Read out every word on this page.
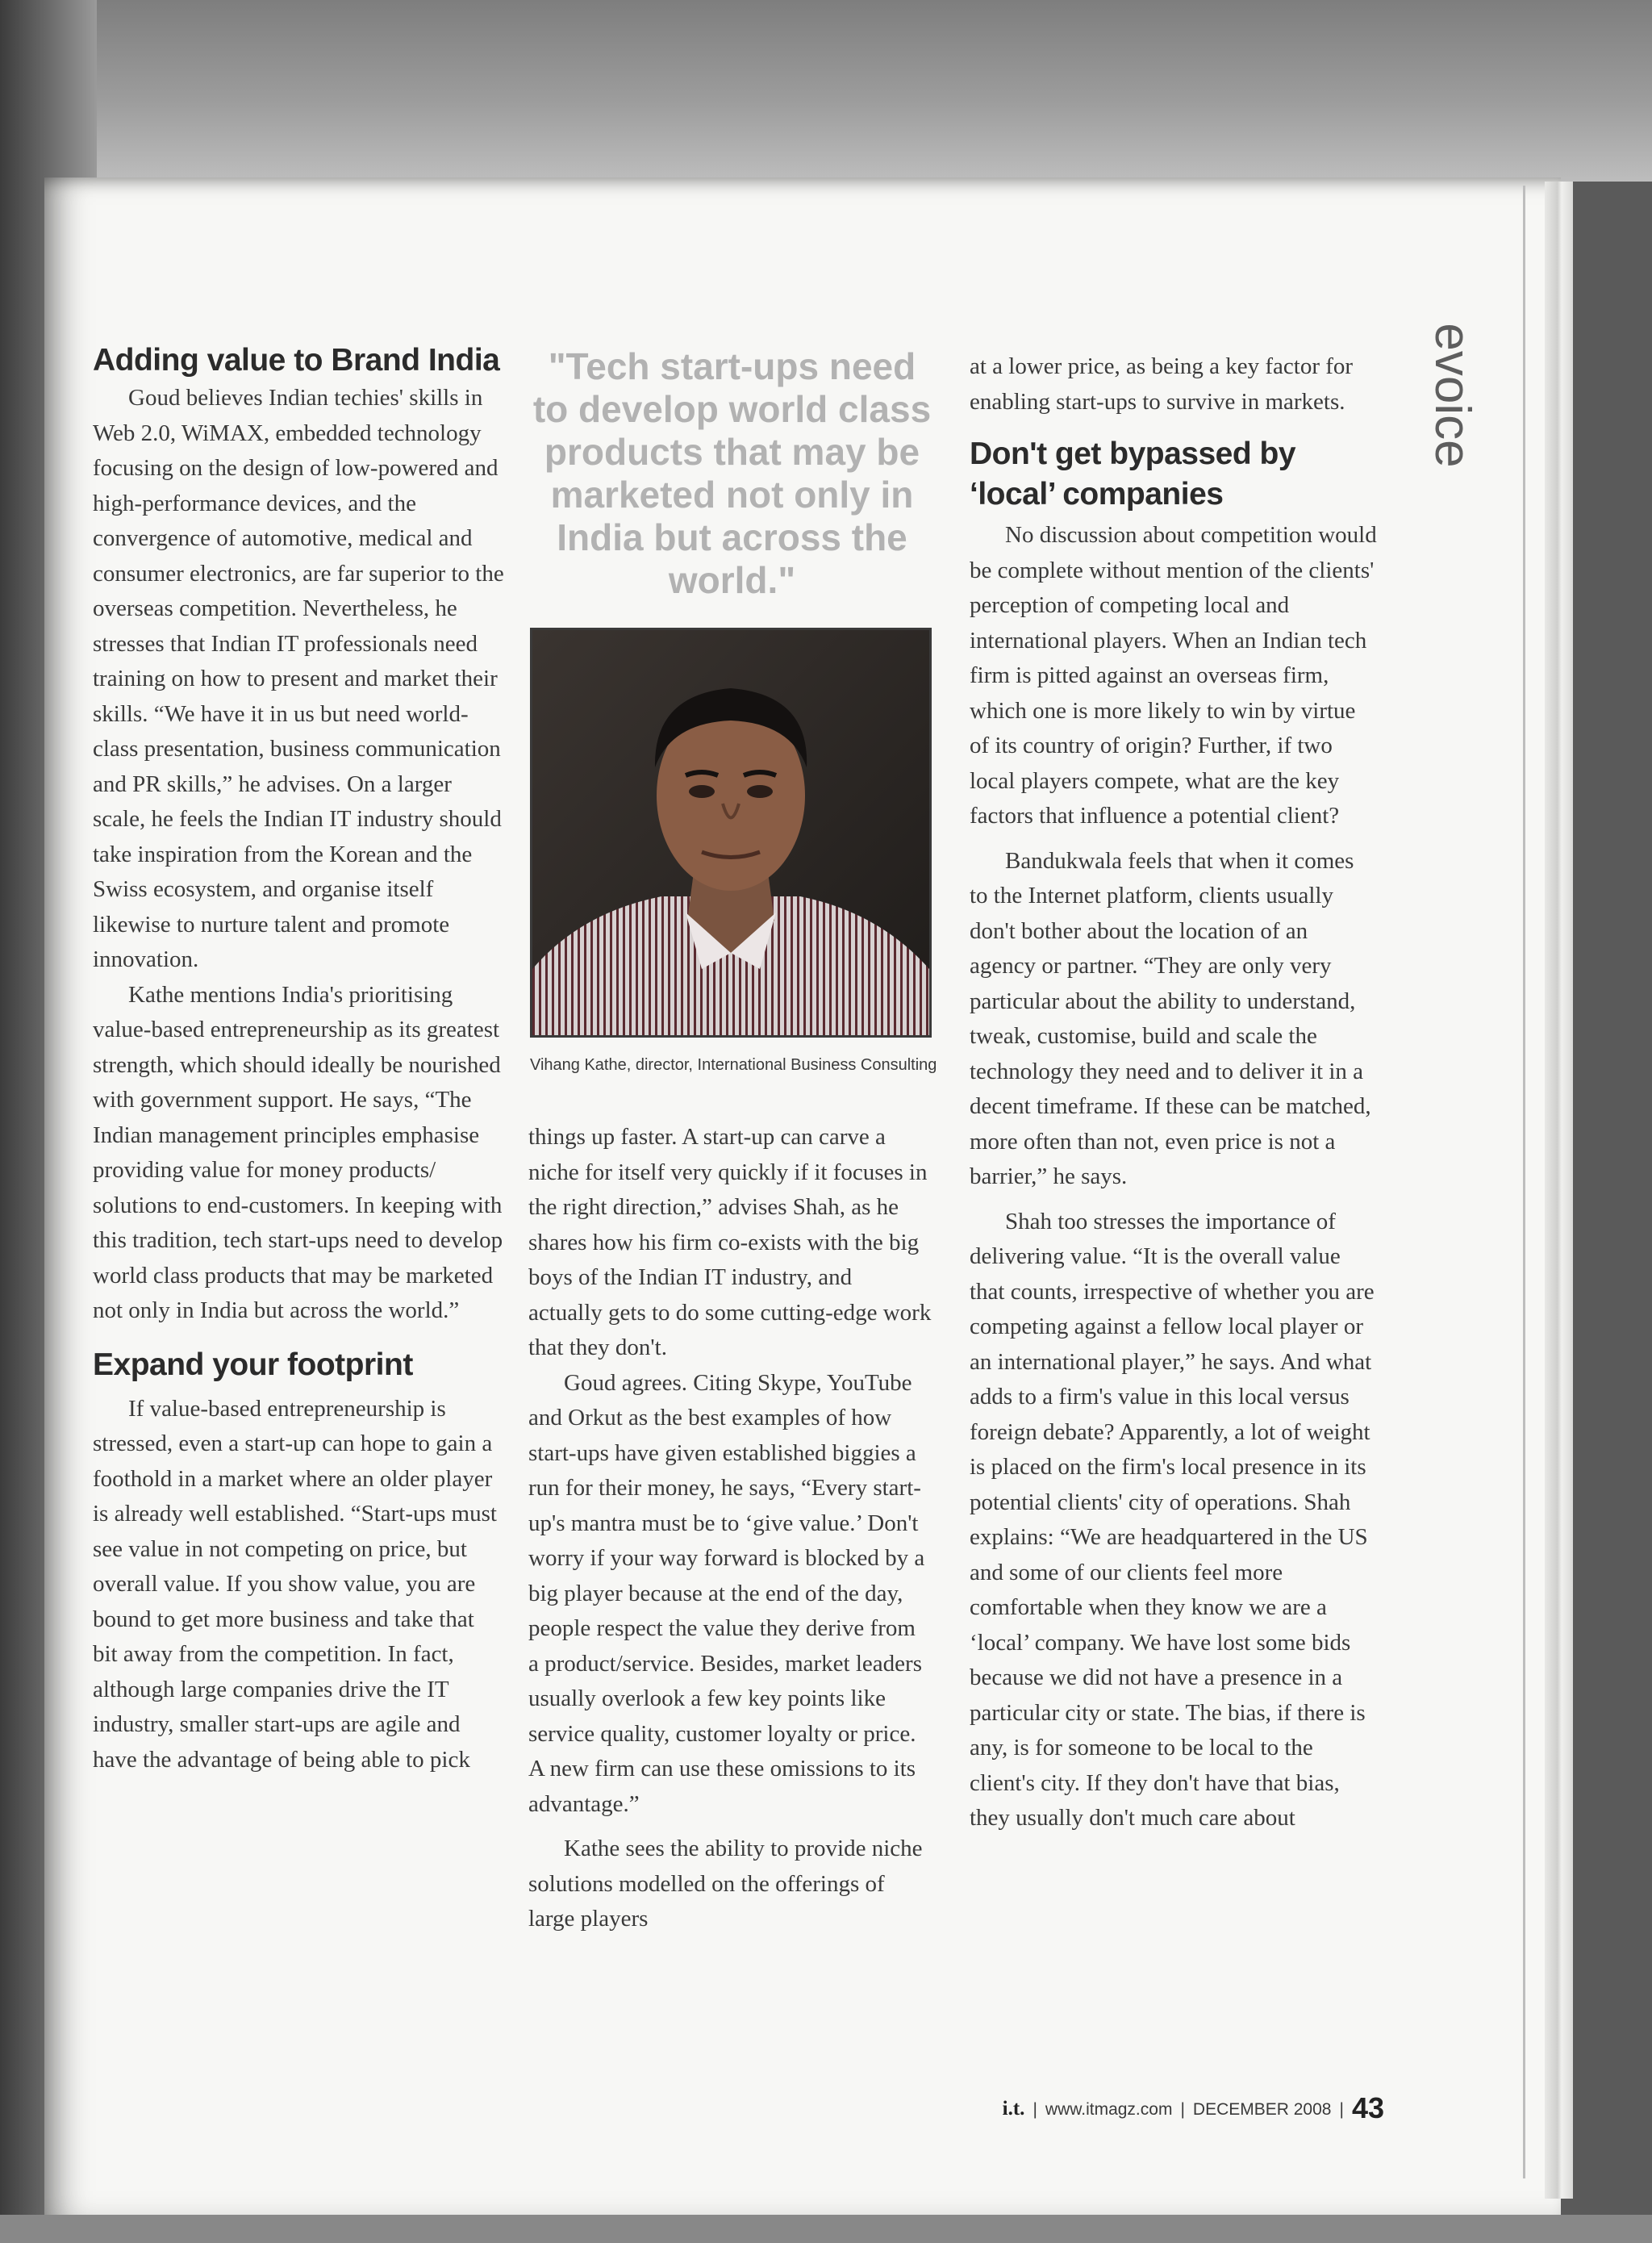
Adding value to Brand India

Goud believes Indian techies' skills in Web 2.0, WiMAX, embedded technology focusing on the design of low-powered and high-performance devices, and the convergence of automotive, medical and consumer electronics, are far superior to the overseas competition. Nevertheless, he stresses that Indian IT professionals need training on how to present and market their skills. “We have it in us but need world-class presentation, business communication and PR skills,” he advises. On a larger scale, he feels the Indian IT industry should take inspiration from the Korean and the Swiss ecosystem, and organise itself likewise to nurture talent and promote innovation.

Kathe mentions India's prioritising value-based entrepreneurship as its greatest strength, which should ideally be nourished with government support. He says, “The Indian management principles emphasise providing value for money products/ solutions to end-customers. In keeping with this tradition, tech start-ups need to develop world class products that may be marketed not only in India but across the world.”

Expand your footprint

If value-based entrepreneurship is stressed, even a start-up can hope to gain a foothold in a market where an older player is already well established. “Start-ups must see value in not competing on price, but overall value. If you show value, you are bound to get more business and take that bit away from the competition. In fact, although large companies drive the IT industry, smaller start-ups are agile and have the advantage of being able to pick

"Tech start-ups need to develop world class products that may be marketed not only in India but across the world."

Vihang Kathe, director, International Business Consulting

things up faster. A start-up can carve a niche for itself very quickly if it focuses in the right direction,” advises Shah, as he shares how his firm co-exists with the big boys of the Indian IT industry, and actually gets to do some cutting-edge work that they don't.

Goud agrees. Citing Skype, YouTube and Orkut as the best examples of how start-ups have given established biggies a run for their money, he says, “Every start-up's mantra must be to ‘give value.’ Don't worry if your way forward is blocked by a big player because at the end of the day, people respect the value they derive from a product/service. Besides, market leaders usually overlook a few key points like service quality, customer loyalty or price. A new firm can use these omissions to its advantage.”

Kathe sees the ability to provide niche solutions modelled on the offerings of large players

at a lower price, as being a key factor for enabling start-ups to survive in markets.

Don't get bypassed by ‘local’ companies

No discussion about competition would be complete without mention of the clients' perception of competing local and international players. When an Indian tech firm is pitted against an overseas firm, which one is more likely to win by virtue of its country of origin? Further, if two local players compete, what are the key factors that influence a potential client?

Bandukwala feels that when it comes to the Internet platform, clients usually don't bother about the location of an agency or partner. “They are only very particular about the ability to understand, tweak, customise, build and scale the technology they need and to deliver it in a decent timeframe. If these can be matched, more often than not, even price is not a barrier,” he says.

Shah too stresses the importance of delivering value. “It is the overall value that counts, irrespective of whether you are competing against a fellow local player or an international player,” he says. And what adds to a firm's value in this local versus foreign debate? Apparently, a lot of weight is placed on the firm's local presence in its potential clients' city of operations. Shah explains: “We are headquartered in the US and some of our clients feel more comfortable when they know we are a ‘local’ company. We have lost some bids because we did not have a presence in a particular city or state. The bias, if there is any, is for someone to be local to the client's city. If they don't have that bias, they usually don't much care about

evoice
i.t. | www.itmagz.com | DECEMBER 2008 | 43
